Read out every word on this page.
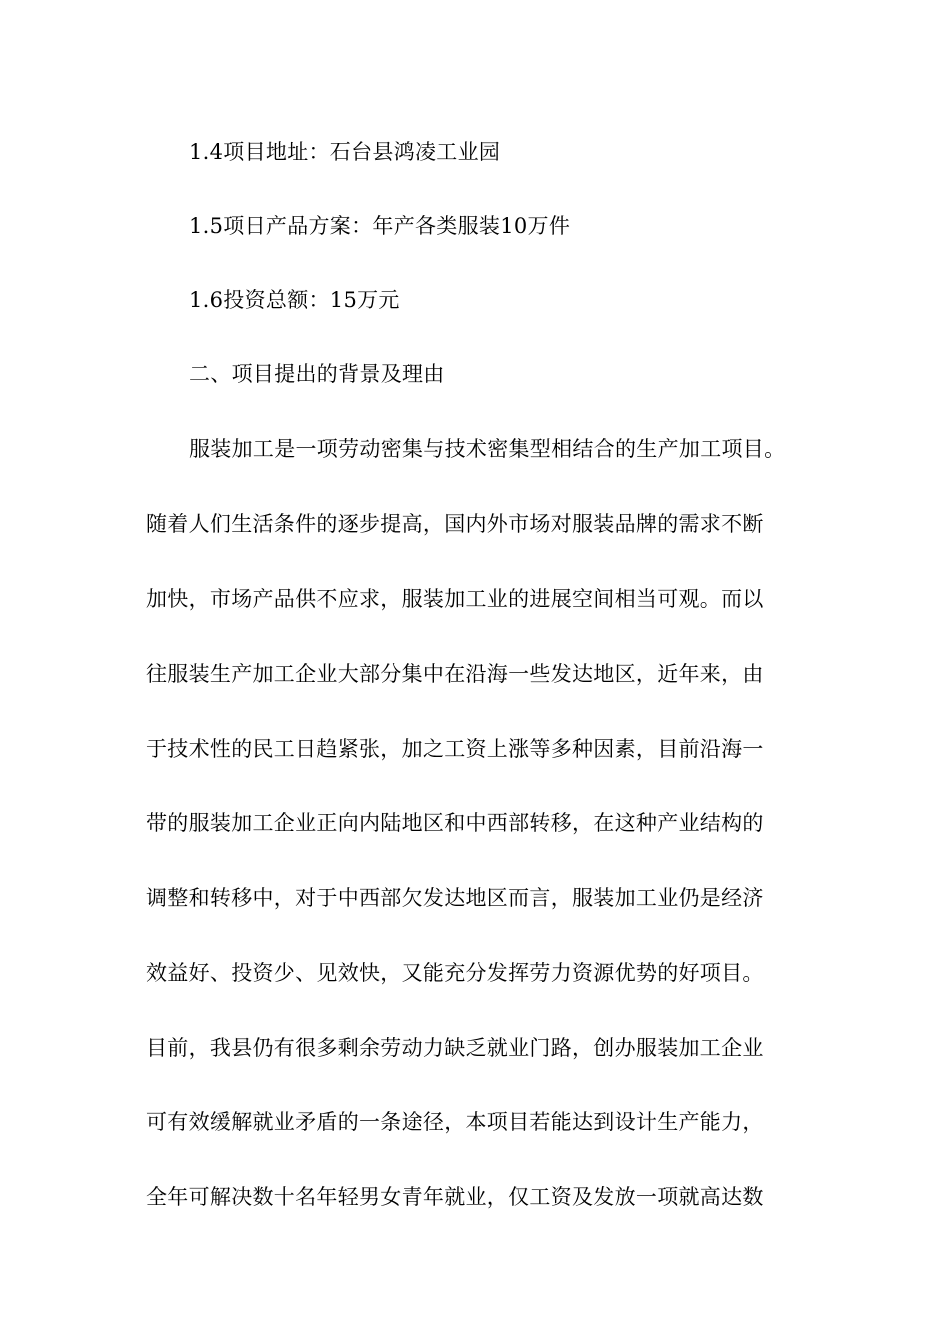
1.4项目地址：石台县鸿凌工业园
1.5项日产品方案：年产各类服装10万件
1.6投资总额：15万元
二、项目提出的背景及理由
服装加工是一项劳动密集与技术密集型相结合的生产加工项目。
随着人们生活条件的逐步提高，国内外市场对服装品牌的需求不断
加快，市场产品供不应求，服装加工业的进展空间相当可观。而以
往服装生产加工企业大部分集中在沿海一些发达地区，近年来，由
于技术性的民工日趋紧张，加之工资上涨等多种因素，目前沿海一
带的服装加工企业正向内陆地区和中西部转移，在这种产业结构的
调整和转移中，对于中西部欠发达地区而言，服装加工业仍是经济
效益好、投资少、见效快，又能充分发挥劳力资源优势的好项目。
目前，我县仍有很多剩余劳动力缺乏就业门路，创办服装加工企业
可有效缓解就业矛盾的一条途径，本项目若能达到设计生产能力，
全年可解决数十名年轻男女青年就业，仅工资及发放一项就高达数
